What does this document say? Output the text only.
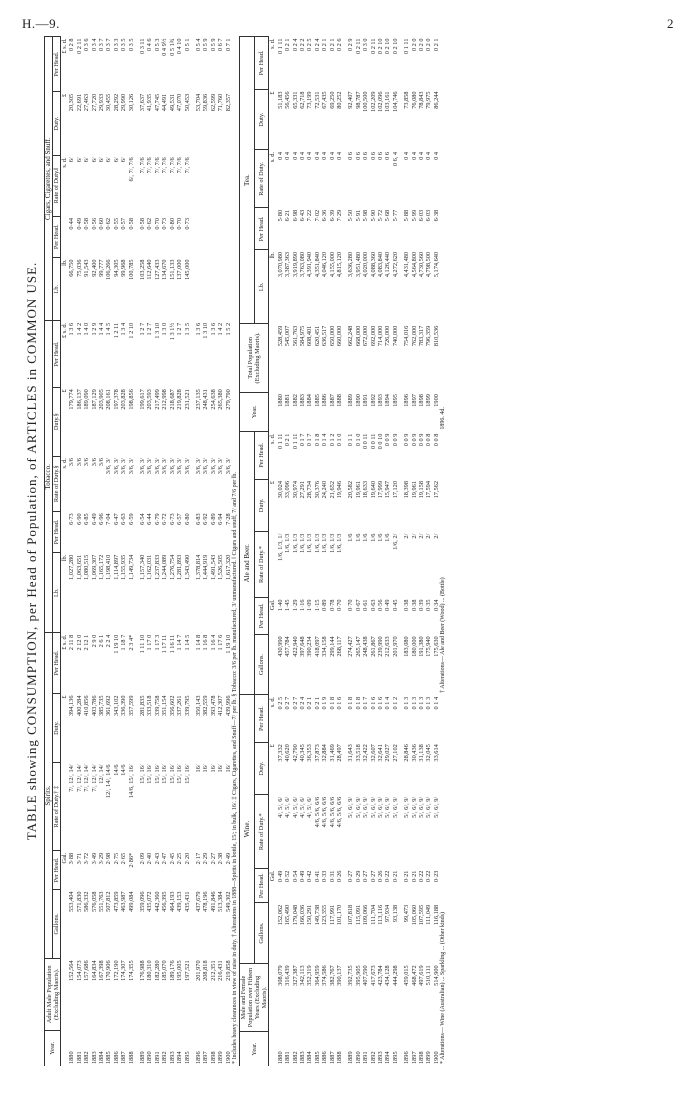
H.—9.	2
TABLE showing CONSUMPTION, per Head of Population, of ARTICLES in COMMON USE.
Year.	Adult Male Population (Excluding Maoris).	Spirits.					Tobacco.					Cigars, Cigarettes, and Snuff.				
		Gallons.	Per Head.	Rate of Duty.† ‡	Duty.	Per Head.	Lb.	Per Head.	Rate of Duty.§	Duty.§	Per Head.	Lb.	Per Head.	Rate of Duty.‖	Duty.	Per Head.
			Gal.		£	£ s. d.	lb.		s. d.	£	£ s. d.	lb.		s. d.	£	£ s. d.
1880	152,564	553,404	3·88	7/, 12/, 14/	394,136	2 11 8	1,027,280	6·73	3/6	179,774	1 3 6	66,750	0·44	6/	20,305	0 2 8
1881	154,073	571,830	3·71	7/, 12/, 14/	400,284	2 12 0	1,063,651	6·90	3/6	186,137	1 4 2	75,036	0·49	6/	22,691	0 2 11
1882	157,686	586,332	3·72	7/, 12/, 14/	410,856	2 12 1	1,080,515	6·85	3/6	189,090	1 4 0	91,543	0·58	6/	27,463	0 3 6
1883	164,834	576,058	3·49	7/, 12/, 14/	403,786	2 9 0	1,069,307	6·49	3/6	187,129	1 2 9	92,400	0·56	6/	27,720	0 3 4
1884	167,398	551,763	3·29	12/, 14/	385,735	2 6 1	1,165,172	6·96	3/6	203,905	1 4 4	99,777	0·60	6/	29,933	0 3 7
1885	170,906	507,812	2·98	12/, 14/, 14/6	361,692	2 2 4	1,198,410	7·04	3/6, 3/	208,161	1 4 5	106,266	0·62	6/	30,455	0 3 7
1886	172,190	473,859	2·75	14/6	343,102	1 19 10	1,114,897	6·47	3/6, 3/	197,378	1 2 11	94,305	0·55	6/	28,292	0 3 3
1887	174,307	463,987	2·65	14/6	336,390	1 18 7	1,155,935	6·63	3/6, 3/	203,828	1 3 4	99,968	0·57	6/	29,990	0 3 5
1888	174,355	499,084	2·86*	14/6, 15/, 16/	357,599	2 3 4*	1,149,734	6·59	3/6, 3/	198,856	1 2 10	100,785	0·58	6/, 7/, 7/6	30,126	0 3 5

1889	176,988	359,096	2·09	15/, 16/	281,835	1 11 10	1,157,340	6·54	3/6, 3/	199,617	1 2 7	103,258	0·58	7/, 7/6	37,637	0 3 11
1890	180,310	435,072	2·40	15/, 16/	333,518	1 17 0	1,162,031	6·44	3/6, 3/	203,593	1 2 7	112,640	0·62	7/, 7/6	41,935	0 4 6
1891	182,280	442,360	2·43	15/, 16/	339,758	1 17 3	1,237,833	6·79	3/6, 3/	217,499	1 3 10	127,433	0·70	7/, 7/6	47,745	0 5 3
1892	185,070	456,395	2·47	15/, 16/	351,154	1 17 11	1,244,089	6·72	3/6, 3/	212,998	1 3 0	134,670	0·73	7/, 7/6	44,491	0 4 9½
1893	189,176	464,193	2·45	15/, 16/	356,602	1 16 11	1,276,754	6·73	3/6, 3/	218,687	1 3 1½	151,133	0·80	7/, 7/6	49,531	0 5 1¾
1894	195,005	439,153	2·25	15/, 16/	337,261	1 14 7	1,281,893	6·57	3/6, 3/	219,828	1 2 7	137,000	0·70	7/, 7/6	47,070	0 4 10
1895	197,521	435,431	2·20	15/, 16/	339,795	1 14 5	1,343,490	6·80	3/6, 3/	231,521	1 3 5	145,000	0·73	7/, 7/6	50,453	0 5 1

1896	201,970	437,679	2·17	16/	350,143	1 14 8	1,378,814	6·83	3/6, 3/	237,135	1 3 6				53,704	0 5 4
1897	208,818	478,196	2·29	16/	382,559	1 16 8	1,444,919	6·92	3/6, 3/	248,431	1 3 10				59,836	0 5 9
1898	212,351	491,846	2·27	16/	393,478	1 16 4	1,491,543	6·89	3/6, 3/	254,638	1 3 6				62,599	0 5 9
1899	216,431	513,384	2·38	16/	412,307	1 17 6	1,526,505	6·94	3/6, 3/	265,380	1 4 2				71,760	0 6 7
1900	219,858	549,302	2·49	16/	439,996	1 19 10	1,617,320	7·28	3/6, 3/	279,790	1 5 2				82,357	0 7 1
* Includes heavy clearances in view of raise in duty. † Alterations in 1888—Spirits in bottle, 15/; in bulk, 16/. ‡ Cigars, Cigarettes, and Snuff—7/ per lb. § Tobacco: 3/6 per lb. manufactured, 3/ unmanufactured. ‖ Cigars and snuff, 7/ and 7/6 per lb.																Year.	Male and Female Population over Fifteen Years (Excluding Maoris).	Wine.					Ale and Beer.					Year.	Total Population (Excluding Maoris).	Tea.				
		Gallons.	Per Head.	Rate of Duty.*	Duty.	Per Head.	Gallons.	Per Head.	Rate of Duty.*	Duty.	Per Head.			Lb.	Per Head.	Rate of Duty.	Duty.	Per Head.
			Gal.		£	s. d.		Gal.		£	s. d.			lb.		s. d.	£	s. d.
1880	308,079	152,062	0·49	4/, 5/, 6/	37,332	0 2 5	430,990	1·40	1/6, 1/3, 1/	30,024	0 1 11	1880	528,459	3,070,980	5·80	0 4	51,183	0 1 11
1881	316,439	165,490	0·52	4/, 5/, 6/	40,620	0 2 7	457,784	1·45	1/6, 1/3	33,096	0 2 1	1881	545,007	3,387,363	6·21	0 4	56,456	0 2 1
1882	327,387	179,048	0·54	4/, 5/, 6/	42,790	0 2 7	422,940	1·29	1/6, 1/3	30,974	0 1 11	1882	561,763	3,919,890	6·98	0 4	65,331	0 2 4
1883	342,113	166,036	0·49	4/, 5/, 6/	40,345	0 2 4	397,648	1·16	1/6, 1/3	27,291	0 1 7	1883	584,975	3,763,080	6·43	0 4	62,718	0 2 2
1884	352,319	150,291	0·42	4/, 5/, 6/	36,353	0 2 1	390,234	1·09	1/6, 1/3	28,734	0 1 7	1884	608,401	4,391,940	7·22	0 4	73,199	0 2 5
1885	364,959	149,738	0·41	4/6, 5/6, 6/6	37,873	0 2 1	418,097	1·15	1/6, 1/3	30,376	0 1 8	1885	620,451	4,351,840	7·02	0 4	72,531	0 2 4
1886	374,586	123,355	0·33	4/6, 5/6, 6/6	32,884	0 1 9	334,158	0·89	1/6, 1/3	24,240	0 1 4	1886	636,517	4,046,120	6·36	0 4	67,435	0 2 1
1887	382,767	117,991	0·31	4/6, 5/6, 6/6	31,469	0 1 8	299,144	0·78	1/6, 1/3	21,652	0 1 2	1887	650,000	4,155,000	6·39	0 4	69,250	0 2 1
1888	390,137	101,170	0·26	4/6, 5/6, 6/6	28,497	0 1 6	268,117	0·70	1/6, 1/3	19,946	0 1 0	1888	660,000	4,815,120	7·29	0 4	80,252	0 2 6

1889	392,735	107,818	0·27	5/, 6/, 9/	31,643	0 1 8	274,427	0·70	1/6	20,582	0 1 1	1889	662,248	3,636,280	5·50	0 6	92,407	0 2 9
1890	395,905	115,091	0·29	5/, 6/, 9/	33,518	0 1 8	265,147	0·67	1/6	19,961	0 1 0	1890	668,000	3,951,480	5·91	0 6	98,787	0 2 11
1891	407,590	109,066	0·27	5/, 6/, 9/	32,422	0 1 7	248,438	0·61	1/6	18,633	0 0 11	1891	672,000	4,020,000	5·98	0 6	100,500	0 3 0
1892	417,673	111,704	0·27	5/, 6/, 9/	32,607	0 1 6	261,867	0·63	1/6	19,640	0 0 11	1892	692,000	4,088,360	5·90	0 6	102,209	0 2 11
1893	423,784	113,116	0·26	5/, 6/, 9/	32,641	0 1 6	239,990	0·56	1/6	17,999	0 0 10	1893	714,000	4,083,840	5·72	0 6	102,096	0 2 10
1894	434,128	97,934	0·22	5/, 6/, 9/	29,027	0 1 4	212,633	0·49	1/6	15,947	0 0 9	1894	726,000	4,126,440	5·68	0 6	103,161	0 2 10
1895	444,298	93,138	0·21	5/, 6/, 9/	27,102	0 1 2	201,970	0·45	1/6, 2/	17,120	0 0 9	1895	740,000	4,272,620	5·77	0 6, 4	104,746	0 2 10

1896	459,015	99,473	0·21	5/, 6/, 9/	28,846	0 1 3	183,080	0·38	2/	18,398	0 0 9	1896	754,016	4,431,480	5·88	0 4	73,858	0 1 11
1897	468,472	105,060	0·21	5/, 6/, 9/	30,436	0 1 3	180,000	0·38	2/	19,961	0 0 9	1897	762,000	4,564,800	5·99	0 4	76,080	0 2 0
1898	497,619	107,595	0·22	5/, 6/, 9/	31,138	0 1 3	191,380	0·39	2/	19,158	0 0 9	1898	783,317	4,730,560	6·03	0 4	78,843	0 2 0
1899	510,111	111,049	0·22	5/, 6/, 9/	32,045	0 1 3	175,940	0·35	2/	17,594	0 0 8	1899	796,359	4,798,500	6·03	0 4	79,975	0 2 0
1900	514,900	116,188	0·23	5/, 6/, 9/	33,614	0 1 4	175,630	0·34	2/	17,562	0 0 8	1900	810,536	5,174,640	6·38	0 4	86,244	0 2 1
* Alterations— Wine (Australian) ... Sparkling ... (Other kinds)							† Alterations— Ale and Beer (Wood) ... (Bottle)					1896. 4d.						
